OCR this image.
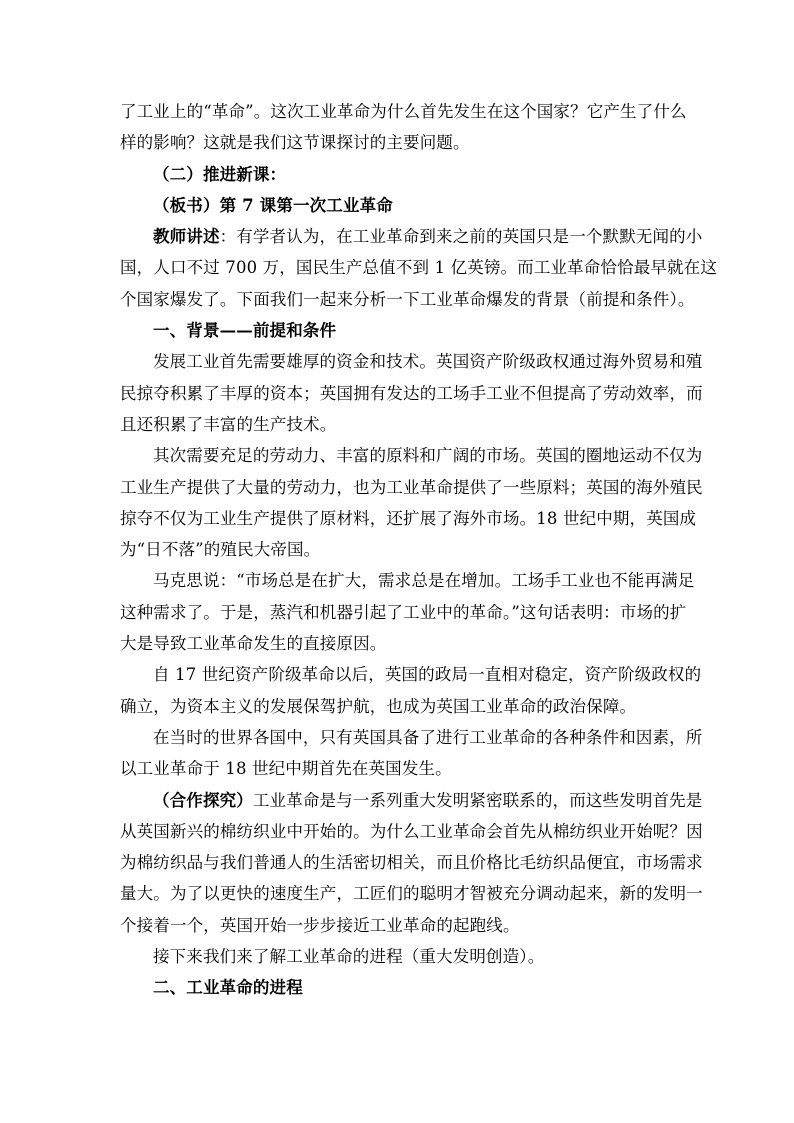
了工业上的“革命”。这次工业革命为什么首先发生在这个国家？它产生了什么
样的影响？这就是我们这节课探讨的主要问题。
（二）推进新课：
（板书）第 7 课第一次工业革命
教师讲述：有学者认为，在工业革命到来之前的英国只是一个默默无闻的小
国，人口不过 700 万，国民生产总值不到 1 亿英镑。而工业革命恰恰最早就在这
个国家爆发了。下面我们一起来分析一下工业革命爆发的背景（前提和条件）。
一、背景——前提和条件
发展工业首先需要雄厚的资金和技术。英国资产阶级政权通过海外贸易和殖
民掠夺积累了丰厚的资本；英国拥有发达的工场手工业不但提高了劳动效率，而
且还积累了丰富的生产技术。
其次需要充足的劳动力、丰富的原料和广阔的市场。英国的圈地运动不仅为
工业生产提供了大量的劳动力，也为工业革命提供了一些原料；英国的海外殖民
掠夺不仅为工业生产提供了原材料，还扩展了海外市场。18 世纪中期，英国成
为“日不落”的殖民大帝国。
马克思说：“市场总是在扩大，需求总是在增加。工场手工业也不能再满足
这种需求了。于是，蒸汽和机器引起了工业中的革命。”这句话表明：市场的扩
大是导致工业革命发生的直接原因。
自 17 世纪资产阶级革命以后，英国的政局一直相对稳定，资产阶级政权的
确立，为资本主义的发展保驾护航，也成为英国工业革命的政治保障。
在当时的世界各国中，只有英国具备了进行工业革命的各种条件和因素，所
以工业革命于 18 世纪中期首先在英国发生。
（合作探究）工业革命是与一系列重大发明紧密联系的，而这些发明首先是
从英国新兴的棉纺织业中开始的。为什么工业革命会首先从棉纺织业开始呢？因
为棉纺织品与我们普通人的生活密切相关，而且价格比毛纺织品便宜，市场需求
量大。为了以更快的速度生产，工匠们的聪明才智被充分调动起来，新的发明一
个接着一个，英国开始一步步接近工业革命的起跑线。
接下来我们来了解工业革命的进程（重大发明创造）。
二、工业革命的进程
